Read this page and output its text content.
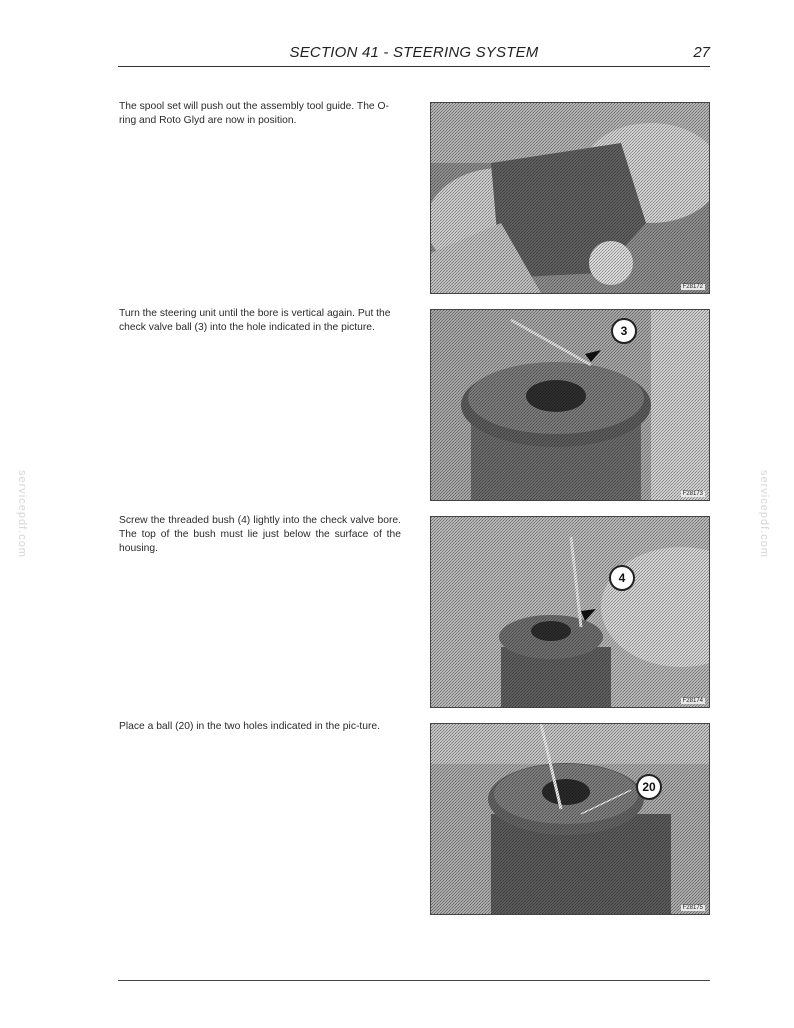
SECTION 41 - STEERING SYSTEM	27
servicepdf.com	servicepdf.com
The spool set will push out the assembly tool guide. The O-ring and Roto Glyd are now in position.
F28172
Turn the steering unit until the bore is vertical again. Put the check valve ball (3) into the hole indicated in the picture.	3
F28173
Screw the threaded bush (4) lightly into the check valve bore. The top of the bush must lie just below the surface of the housing.
4
F28174
Place a ball (20) in the two holes indicated in the pic-ture.
20
F28175
